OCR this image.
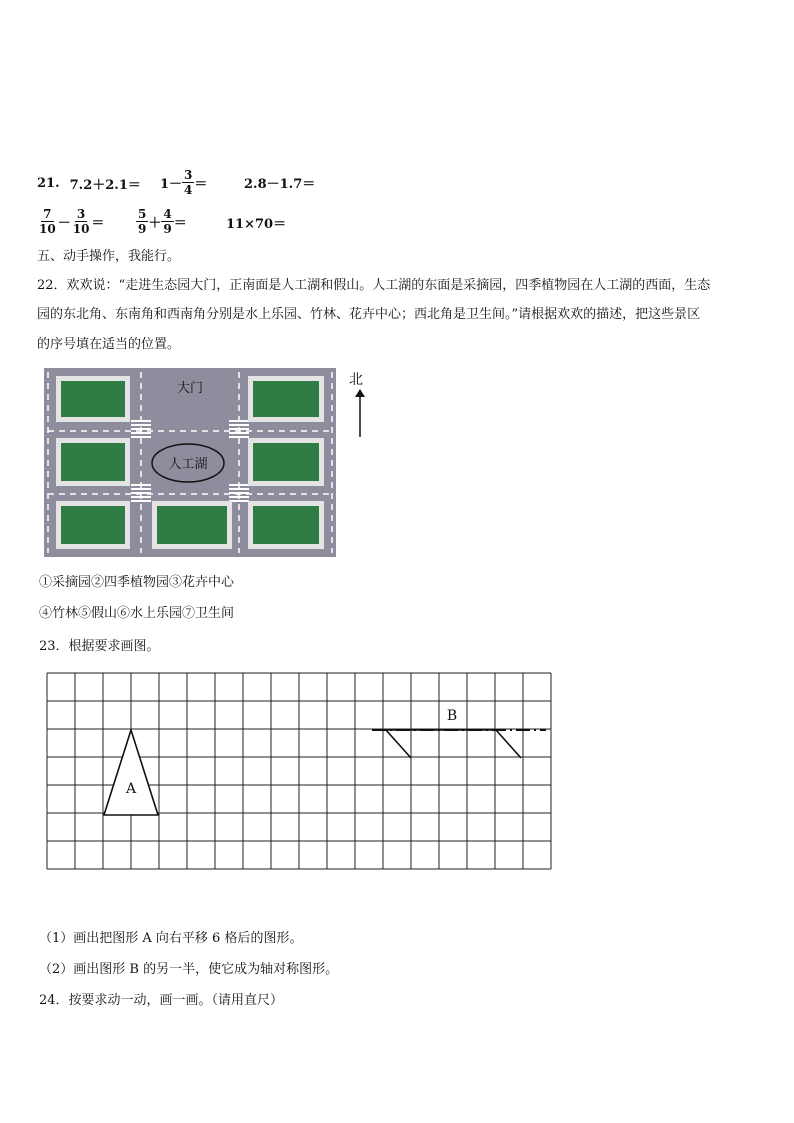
21. $7.2+2.1= 1- \frac{3}{4}$ ＝	2.8－1.7＝
$\frac{7}{10} - \frac{3}{10}$ ＝	$\frac{5}{9} + \frac{4}{9}$ ＝	11×70＝
五、动手操作，我能行。
22．欢欢说：“走进生态园大门，正南面是人工湖和假山。人工湖的东面是采摘园，四季植物园在人工湖的西面，生态
园的东北角、东南角和西南角分别是水上乐园、竹林、花卉中心；西北角是卫生间。”请根据欢欢的描述，把这些景区
的序号填在适当的位置。
大门
人工湖
北
①采摘园②四季植物园③花卉中心
④竹林⑤假山⑥水上乐园⑦卫生间
23．根据要求画图。
A
B
（1）画出把图形 A 向右平移 6 格后的图形。
（2）画出图形 B 的另一半，使它成为轴对称图形。
24．按要求动一动，画一画。（请用直尺）
